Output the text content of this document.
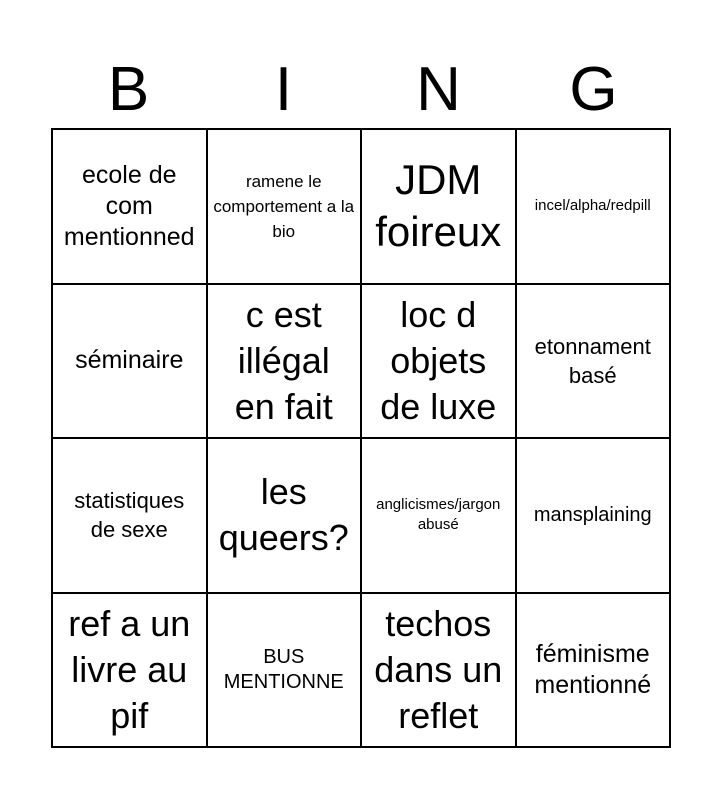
B	I	N	G
ecole de com mentionned
ramene le comportement a la bio
JDM foireux
incel/alpha/redpill
séminaire
c est illégal en fait
loc d objets de luxe
etonnament basé
statistiques de sexe
les queers?
anglicismes/jargon abusé	mansplaining
ref a un livre au pif
BUS MENTIONNE
techos dans un reflet
féminisme mentionné
